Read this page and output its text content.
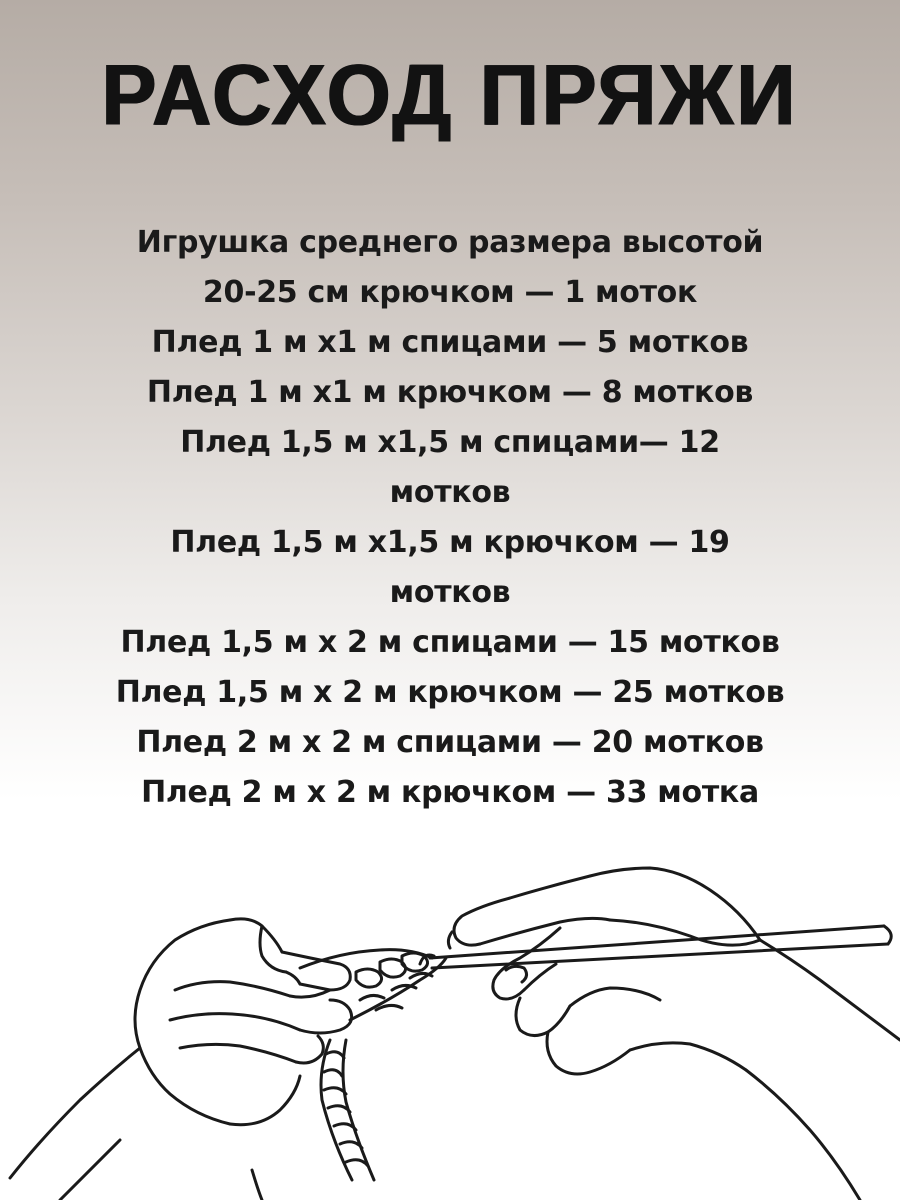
РАСХОД ПРЯЖИ
Игрушка среднего размера высотой
20-25 см крючком — 1 моток
Плед 1 м х1 м спицами — 5 мотков
Плед 1 м х1 м крючком — 8 мотков
Плед 1,5 м х1,5 м спицами— 12
мотков
Плед 1,5 м х1,5 м крючком — 19
мотков
Плед 1,5 м х 2 м спицами — 15 мотков
Плед 1,5 м х 2 м крючком — 25 мотков
Плед 2 м х 2 м спицами — 20 мотков
Плед 2 м х 2 м крючком — 33 мотка
